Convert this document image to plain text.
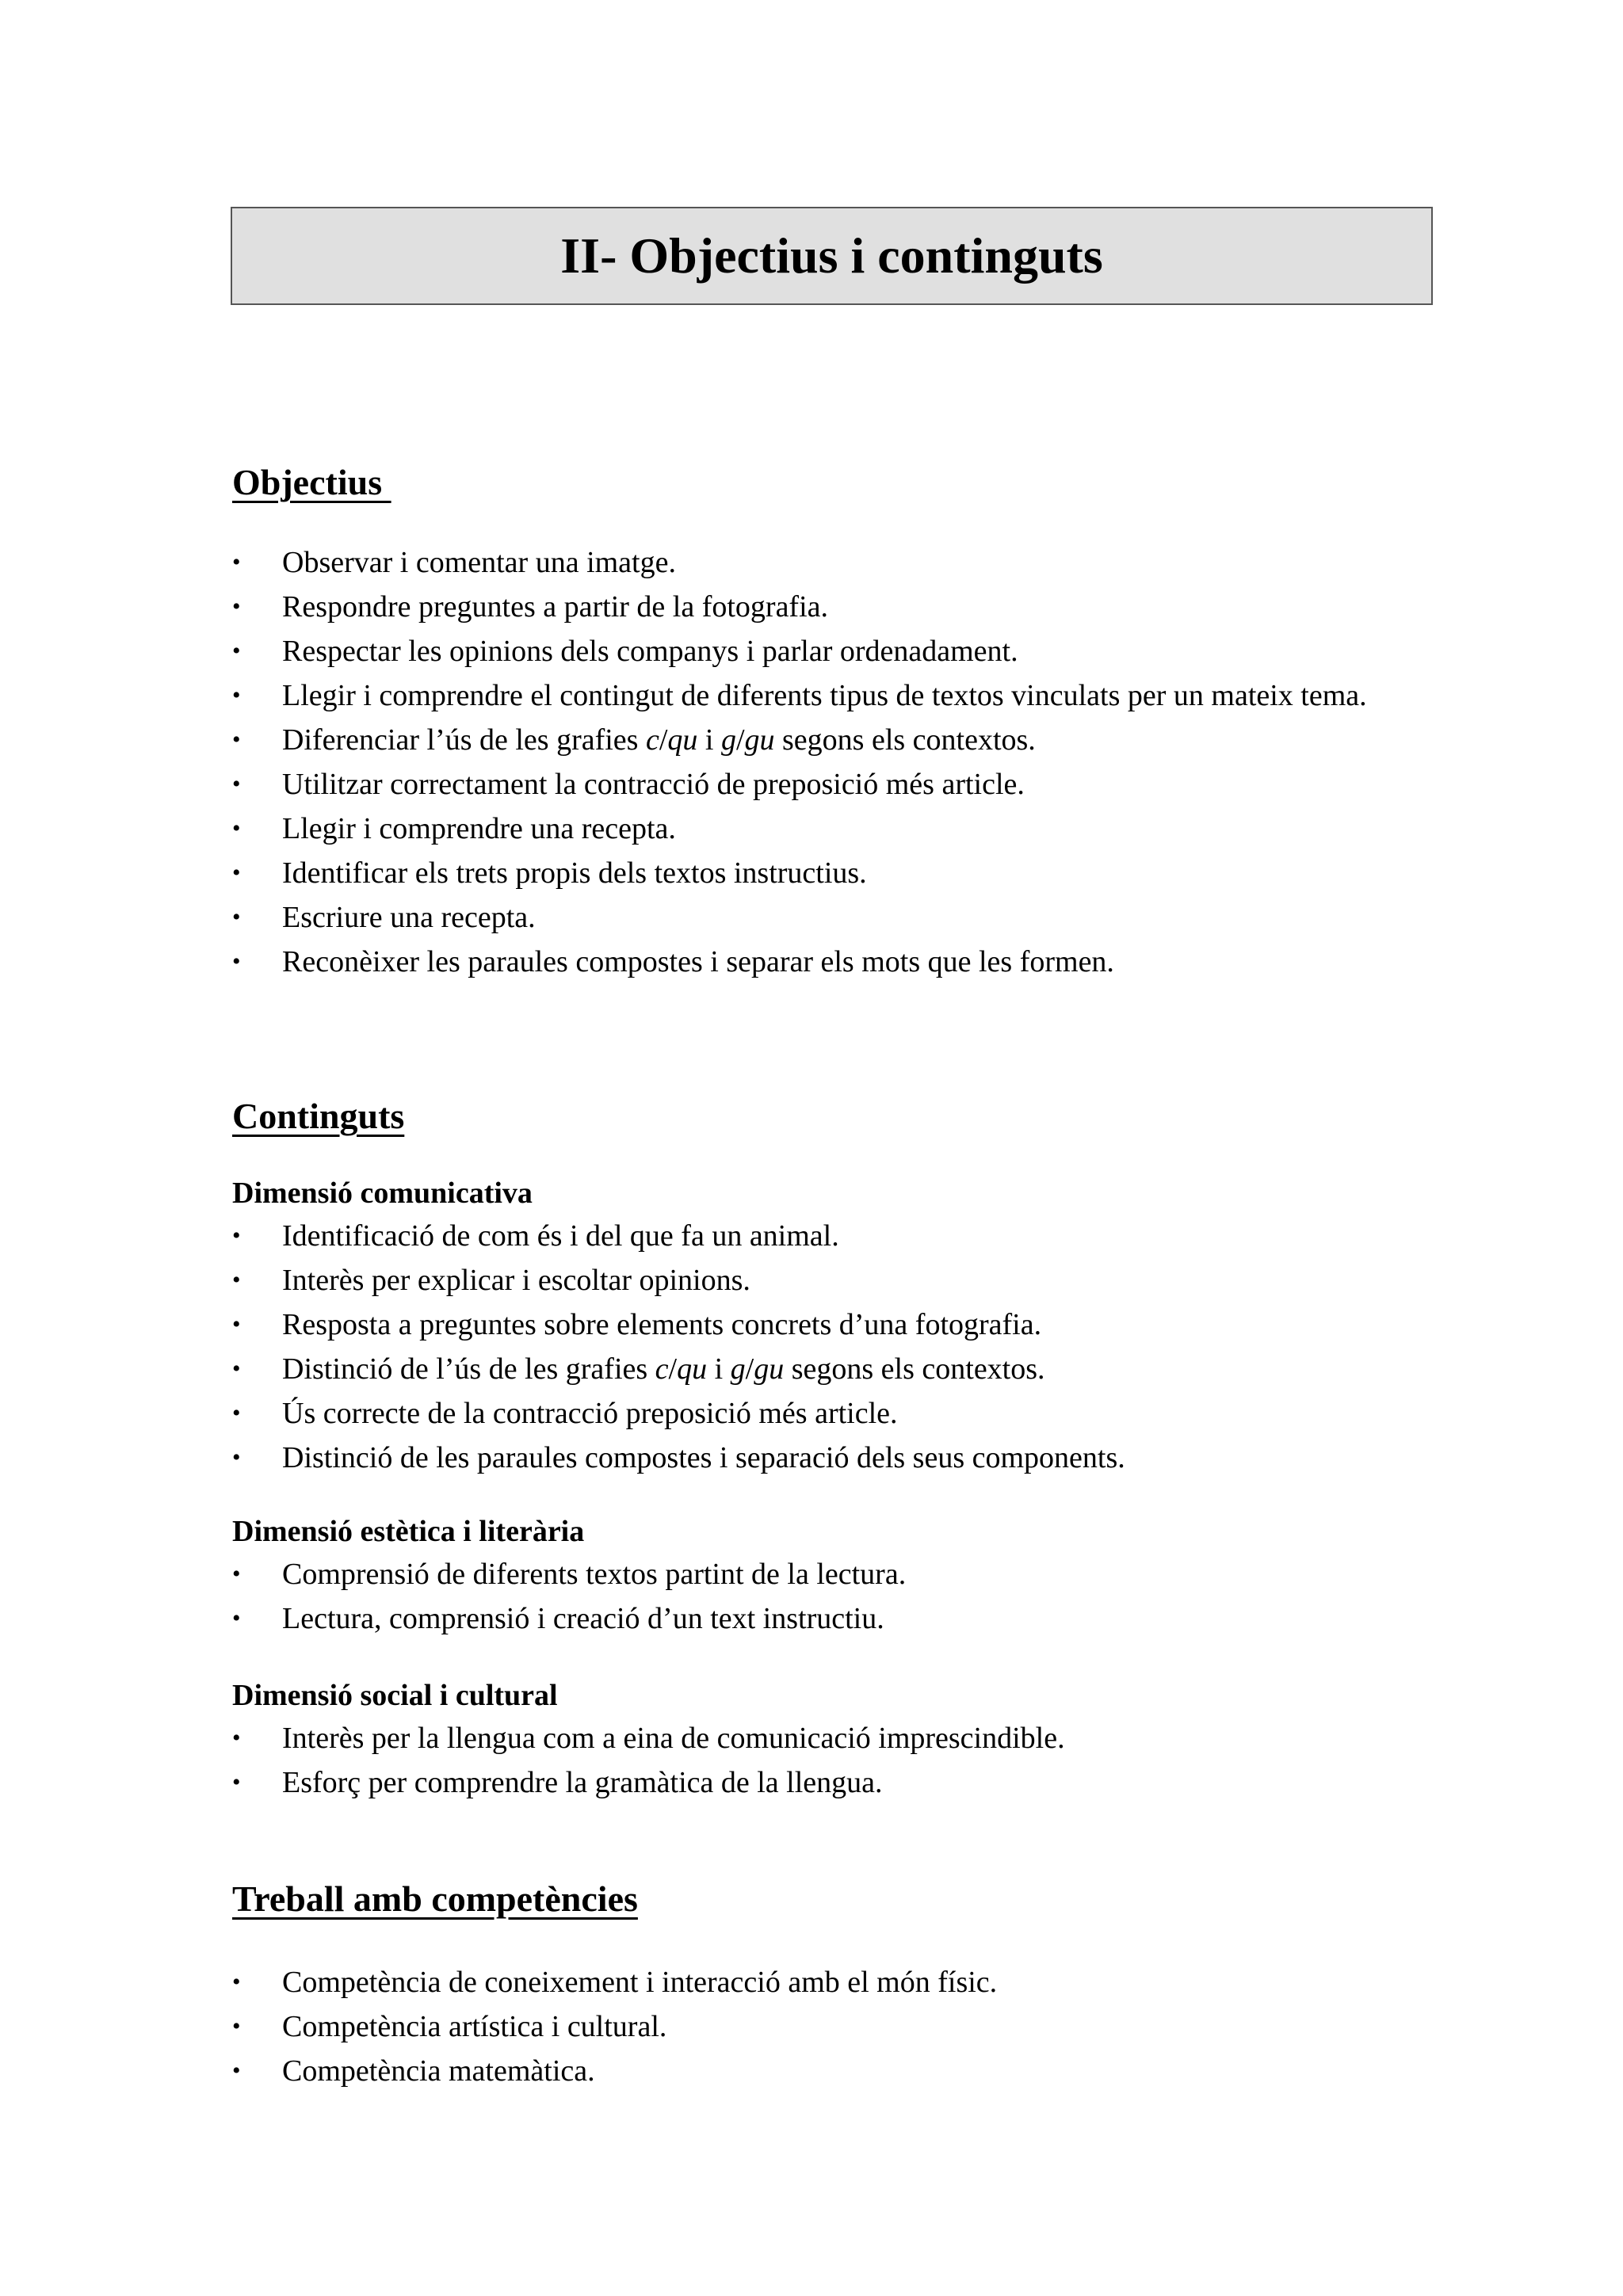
II- Objectius i continguts
Objectius
•	Observar i comentar una imatge.
•	Respondre preguntes a partir de la fotografia.
•	Respectar les opinions dels companys i parlar ordenadament.
•	Llegir i comprendre el contingut de diferents tipus de textos vinculats per un mateix tema.
•	Diferenciar l’ús de les grafies c/qu i g/gu segons els contextos.
•	Utilitzar correctament la contracció de preposició més article.
•	Llegir i comprendre una recepta.
•	Identificar els trets propis dels textos instructius.
•	Escriure una recepta.
•	Reconèixer les paraules compostes i separar els mots que les formen.
Continguts
Dimensió comunicativa
•	Identificació de com és i del que fa un animal.
•	Interès per explicar i escoltar opinions.
•	Resposta a preguntes sobre elements concrets d’una fotografia.
•	Distinció de l’ús de les grafies c/qu i g/gu segons els contextos.
•	Ús correcte de la contracció preposició més article.
•	Distinció de les paraules compostes i separació dels seus components.
Dimensió estètica i literària
•	Comprensió de diferents textos partint de la lectura.
•	Lectura, comprensió i creació d’un text instructiu.
Dimensió social i cultural
•	Interès per la llengua com a eina de comunicació imprescindible.
•	Esforç per comprendre la gramàtica de la llengua.
Treball amb competències
•	Competència de coneixement i interacció amb el món físic.
•	Competència artística i cultural.
•	Competència matemàtica.
